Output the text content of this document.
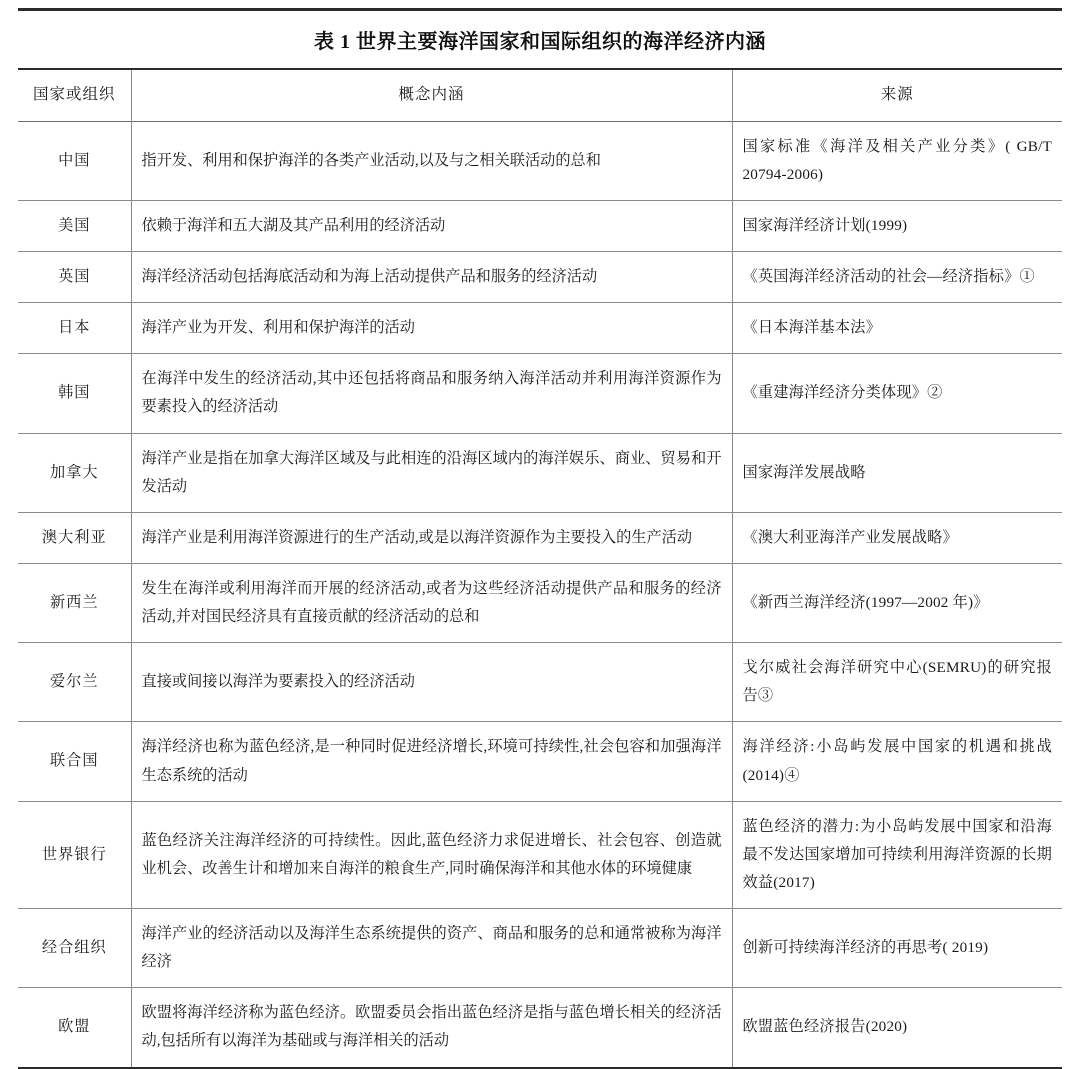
表 1 世界主要海洋国家和国际组织的海洋经济内涵
国家或组织	概念内涵	来源
中国	指开发、利用和保护海洋的各类产业活动,以及与之相关联活动的总和	国家标准《海洋及相关产业分类》( GB/T 20794-2006)
美国	依赖于海洋和五大湖及其产品利用的经济活动	国家海洋经济计划(1999)
英国	海洋经济活动包括海底活动和为海上活动提供产品和服务的经济活动	《英国海洋经济活动的社会—经济指标》①
日本	海洋产业为开发、利用和保护海洋的活动	《日本海洋基本法》
韩国	在海洋中发生的经济活动,其中还包括将商品和服务纳入海洋活动并利用海洋资源作为要素投入的经济活动	《重建海洋经济分类体现》②
加拿大	海洋产业是指在加拿大海洋区域及与此相连的沿海区域内的海洋娱乐、商业、贸易和开发活动	国家海洋发展战略
澳大利亚	海洋产业是利用海洋资源进行的生产活动,或是以海洋资源作为主要投入的生产活动	《澳大利亚海洋产业发展战略》
新西兰	发生在海洋或利用海洋而开展的经济活动,或者为这些经济活动提供产品和服务的经济活动,并对国民经济具有直接贡献的经济活动的总和	《新西兰海洋经济(1997—2002 年)》
爱尔兰	直接或间接以海洋为要素投入的经济活动	戈尔威社会海洋研究中心(SEMRU)的研究报告③
联合国	海洋经济也称为蓝色经济,是一种同时促进经济增长,环境可持续性,社会包容和加强海洋生态系统的活动	海洋经济:小岛屿发展中国家的机遇和挑战(2014)④
世界银行	蓝色经济关注海洋经济的可持续性。因此,蓝色经济力求促进增长、社会包容、创造就业机会、改善生计和增加来自海洋的粮食生产,同时确保海洋和其他水体的环境健康	蓝色经济的潜力:为小岛屿发展中国家和沿海最不发达国家增加可持续利用海洋资源的长期效益(2017)
经合组织	海洋产业的经济活动以及海洋生态系统提供的资产、商品和服务的总和通常被称为海洋经济	创新可持续海洋经济的再思考( 2019)
欧盟	欧盟将海洋经济称为蓝色经济。欧盟委员会指出蓝色经济是指与蓝色增长相关的经济活动,包括所有以海洋为基础或与海洋相关的活动	欧盟蓝色经济报告(2020)
